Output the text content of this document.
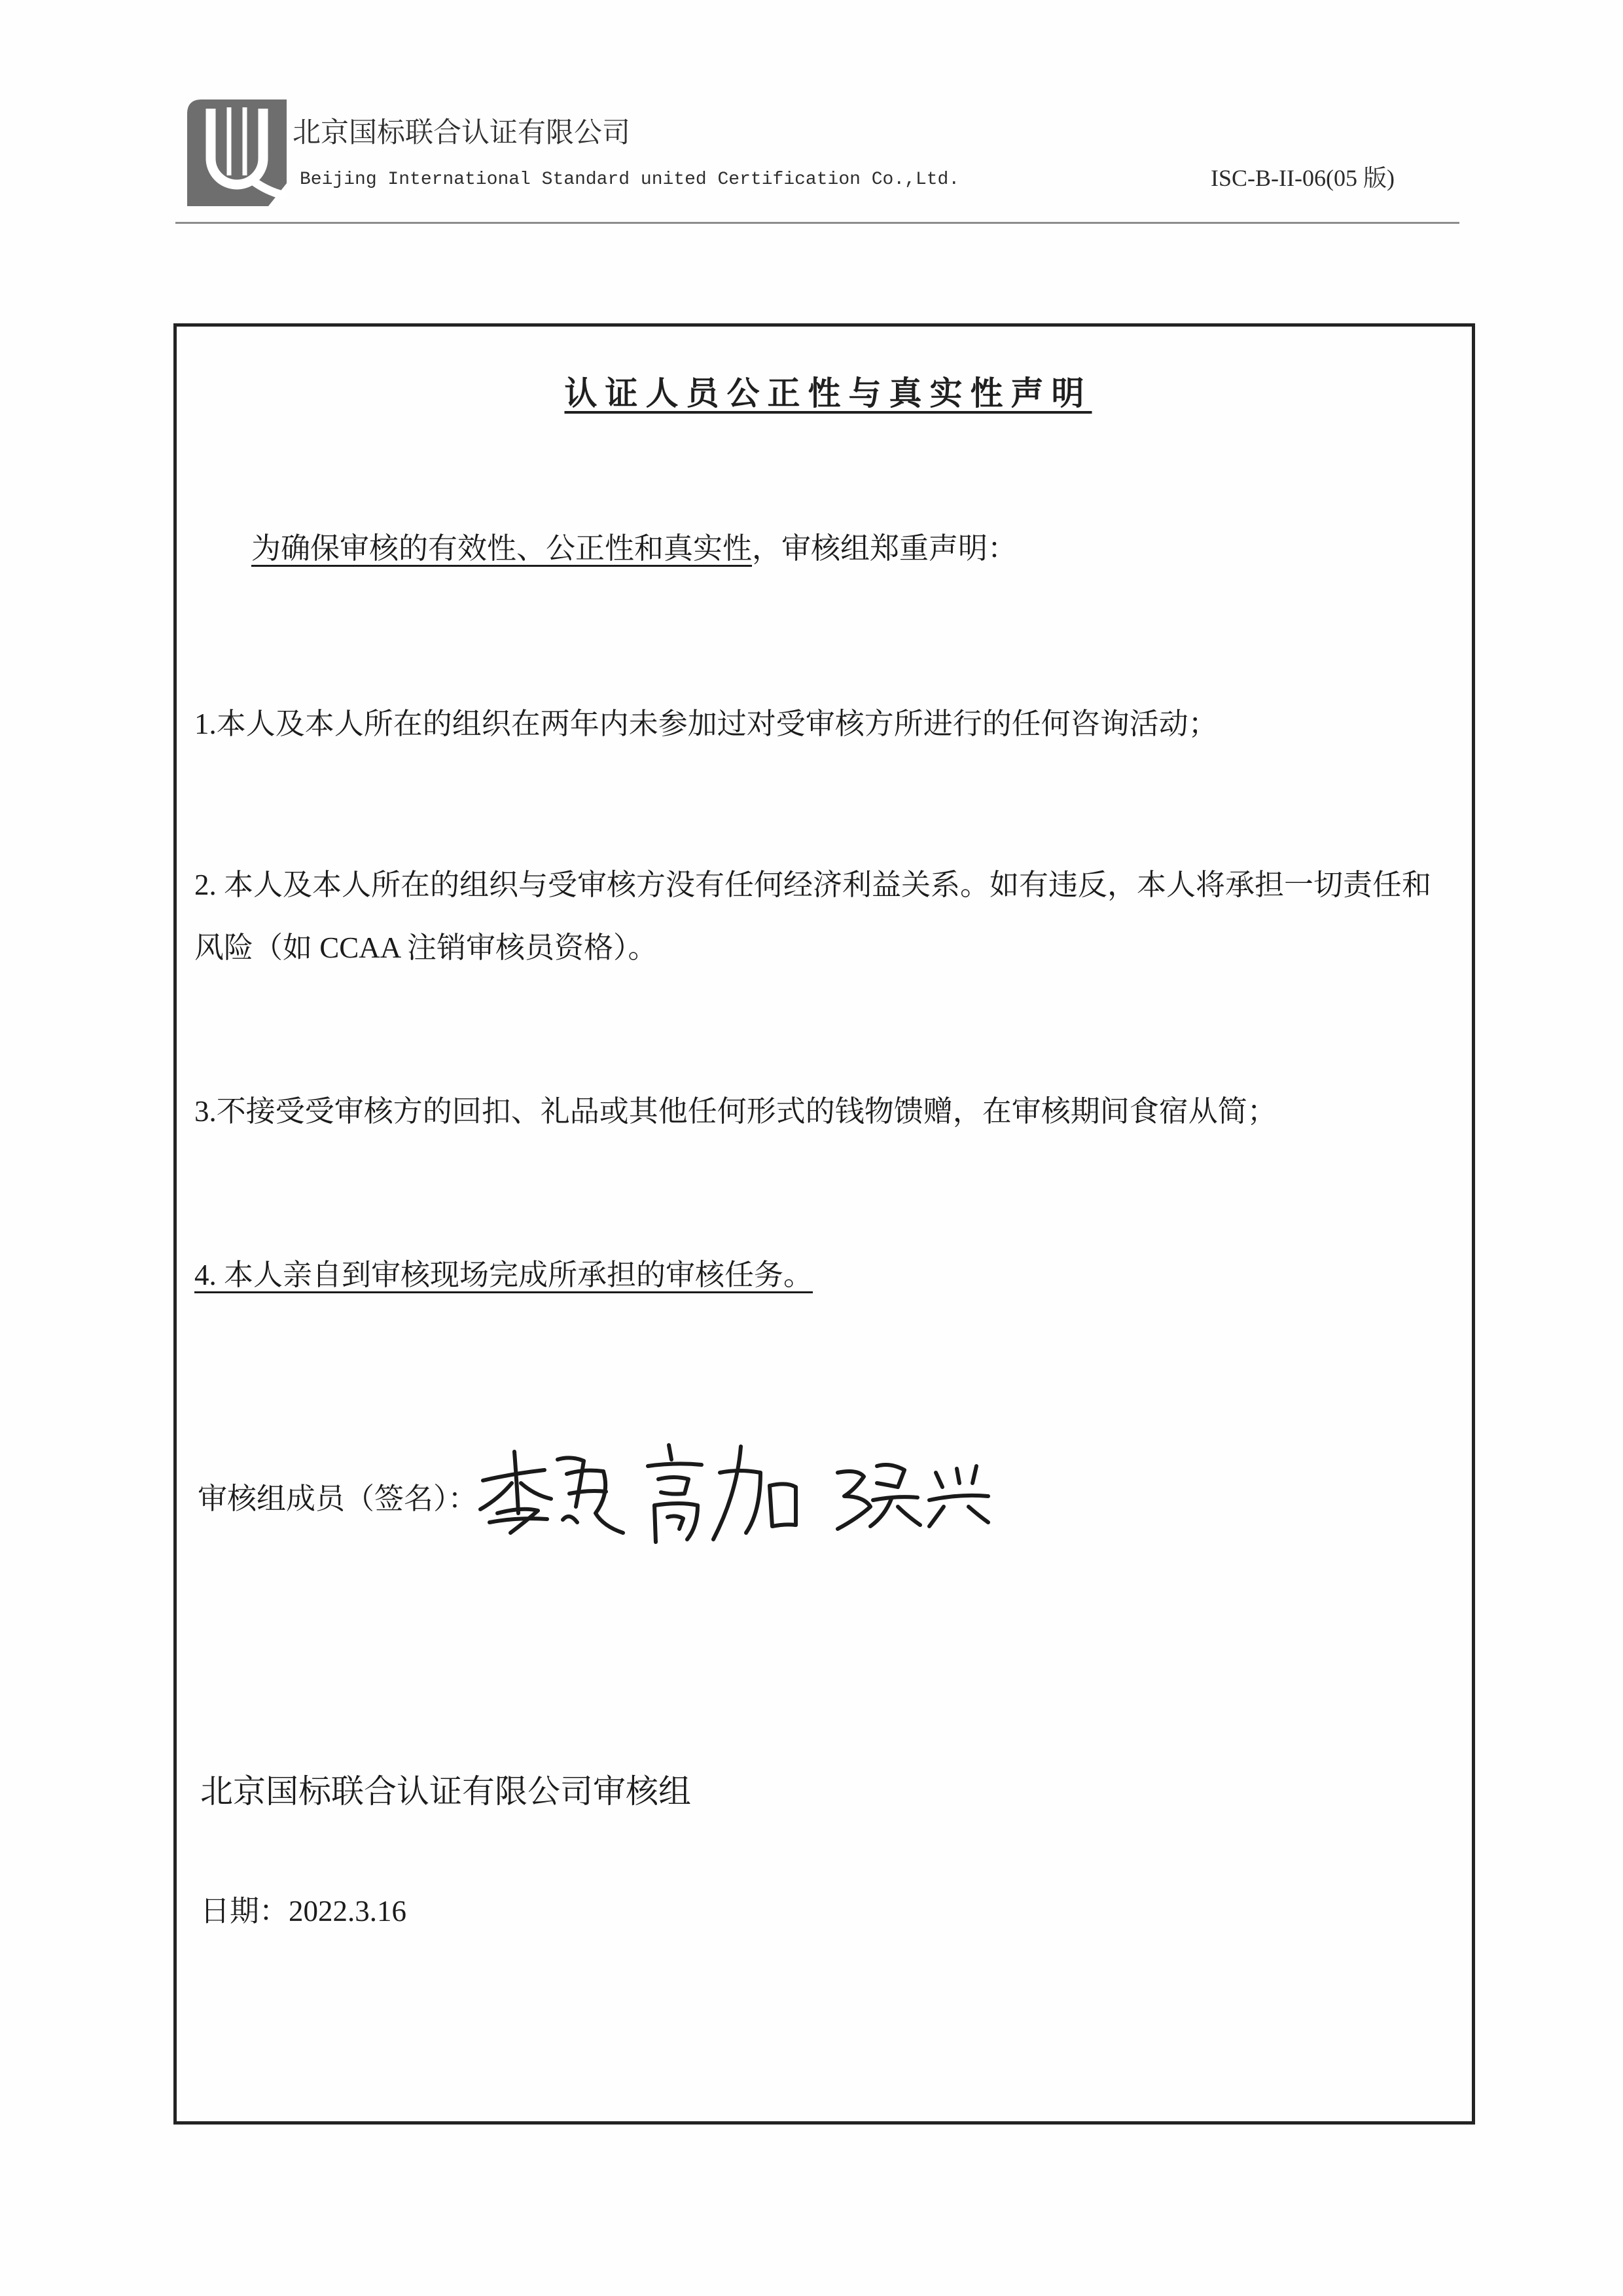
北京国标联合认证有限公司
Beijing International Standard united Certification Co.,Ltd.	ISC-B-II-06(05 版)
认证人员公正性与真实性声明
为确保审核的有效性、公正性和真实性，审核组郑重声明：
1.本人及本人所在的组织在两年内未参加过对受审核方所进行的任何咨询活动；
2. 本人及本人所在的组织与受审核方没有任何经济利益关系。如有违反，本人将承担一切责任和
风险（如 CCAA 注销审核员资格）。
3.不接受受审核方的回扣、礼品或其他任何形式的钱物馈赠，在审核期间食宿从简；
4. 本人亲自到审核现场完成所承担的审核任务。
审核组成员（签名）：
北京国标联合认证有限公司审核组
日期：2022.3.16
